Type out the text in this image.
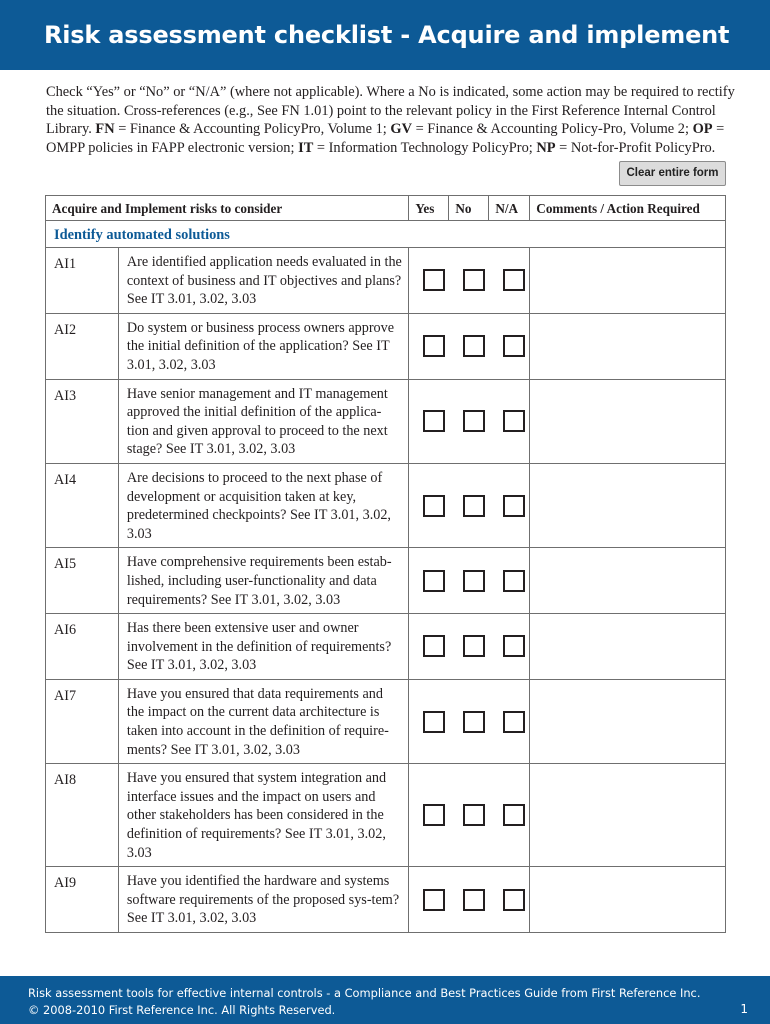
Risk assessment checklist - Acquire and implement
Check “Yes” or “No” or “N/A” (where not applicable). Where a No is indicated, some action may be required to rectify the situation. Cross-references (e.g., See FN 1.01) point to the relevant policy in the First Reference Internal Control Library. FN = Finance & Accounting PolicyPro, Volume 1; GV = Finance & Accounting Policy-Pro, Volume 2; OP = OMPP policies in FAPP electronic version; IT = Information Technology PolicyPro; NP = Not-for-Profit PolicyPro.
Clear entire form
Acquire and Implement risks to consider		Yes	No	N/A	Comments / Action Required
Identify automated solutions					
AI1	Are identified application needs evaluated in the context of business and IT objectives and plans? See IT 3.01, 3.02, 3.03			

AI2	Do system or business process owners approve the initial definition of the application? See IT 3.01, 3.02, 3.03			

AI3	Have senior management and IT management approved the initial definition of the applica-tion and given approval to proceed to the next stage? See IT 3.01, 3.02, 3.03			

AI4	Are decisions to proceed to the next phase of development or acquisition taken at key, predetermined checkpoints? See IT 3.01, 3.02, 3.03			

AI5	Have comprehensive requirements been estab-lished, including user-functionality and data requirements? See IT 3.01, 3.02, 3.03			

AI6	Has there been extensive user and owner involvement in the definition of requirements? See IT 3.01, 3.02, 3.03			

AI7	Have you ensured that data requirements and the impact on the current data architecture is taken into account in the definition of require-ments? See IT 3.01, 3.02, 3.03			

AI8	Have you ensured that system integration and interface issues and the impact on users and other stakeholders has been considered in the definition of requirements? See IT 3.01, 3.02, 3.03			

AI9	Have you identified the hardware and systems software requirements of the proposed sys-tem? See IT 3.01, 3.02, 3.03			

Risk assessment tools for effective internal controls - a Compliance and Best Practices Guide from First Reference Inc.
© 2008-2010 First Reference Inc. All Rights Reserved.	1
